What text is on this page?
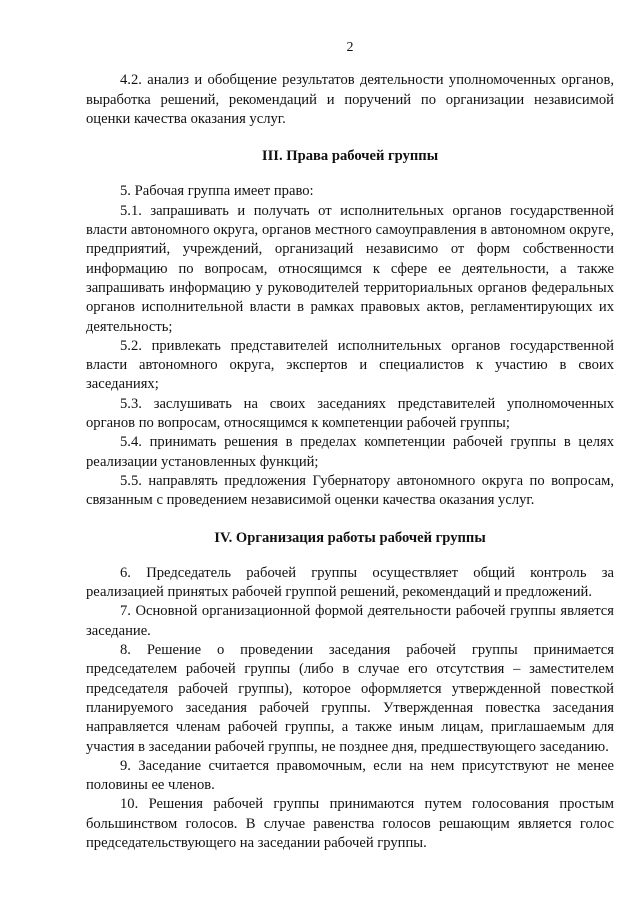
2

4.2. анализ и обобщение результатов деятельности уполномоченных органов, выработка решений, рекомендаций и поручений по организации независимой оценки качества оказания услуг.

III. Права рабочей группы

5. Рабочая группа имеет право:

5.1. запрашивать и получать от исполнительных органов государственной власти автономного округа, органов местного самоуправления в автономном округе, предприятий, учреждений, организаций независимо от форм собственности информацию по вопросам, относящимся к сфере ее деятельности, а также запрашивать информацию у руководителей территориальных органов федеральных органов исполнительной власти в рамках правовых актов, регламентирующих их деятельность;

5.2. привлекать представителей исполнительных органов государственной власти автономного округа, экспертов и специалистов к участию в своих заседаниях;

5.3. заслушивать на своих заседаниях представителей уполномоченных органов по вопросам, относящимся к компетенции рабочей группы;

5.4. принимать решения в пределах компетенции рабочей группы в целях реализации установленных функций;

5.5. направлять предложения Губернатору автономного округа по вопросам, связанным с проведением независимой оценки качества оказания услуг.

IV. Организация работы рабочей группы

6. Председатель рабочей группы осуществляет общий контроль за реализацией принятых рабочей группой решений, рекомендаций и предложений.

7. Основной организационной формой деятельности рабочей группы является заседание.

8. Решение о проведении заседания рабочей группы принимается председателем рабочей группы (либо в случае его отсутствия – заместителем председателя рабочей группы), которое оформляется утвержденной повесткой планируемого заседания рабочей группы. Утвержденная повестка заседания направляется членам рабочей группы, а также иным лицам, приглашаемым для участия в заседании рабочей группы, не позднее дня, предшествующего заседанию.

9. Заседание считается правомочным, если на нем присутствуют не менее половины ее членов.

10. Решения рабочей группы принимаются путем голосования простым большинством голосов. В случае равенства голосов решающим является голос председательствующего на заседании рабочей группы.
